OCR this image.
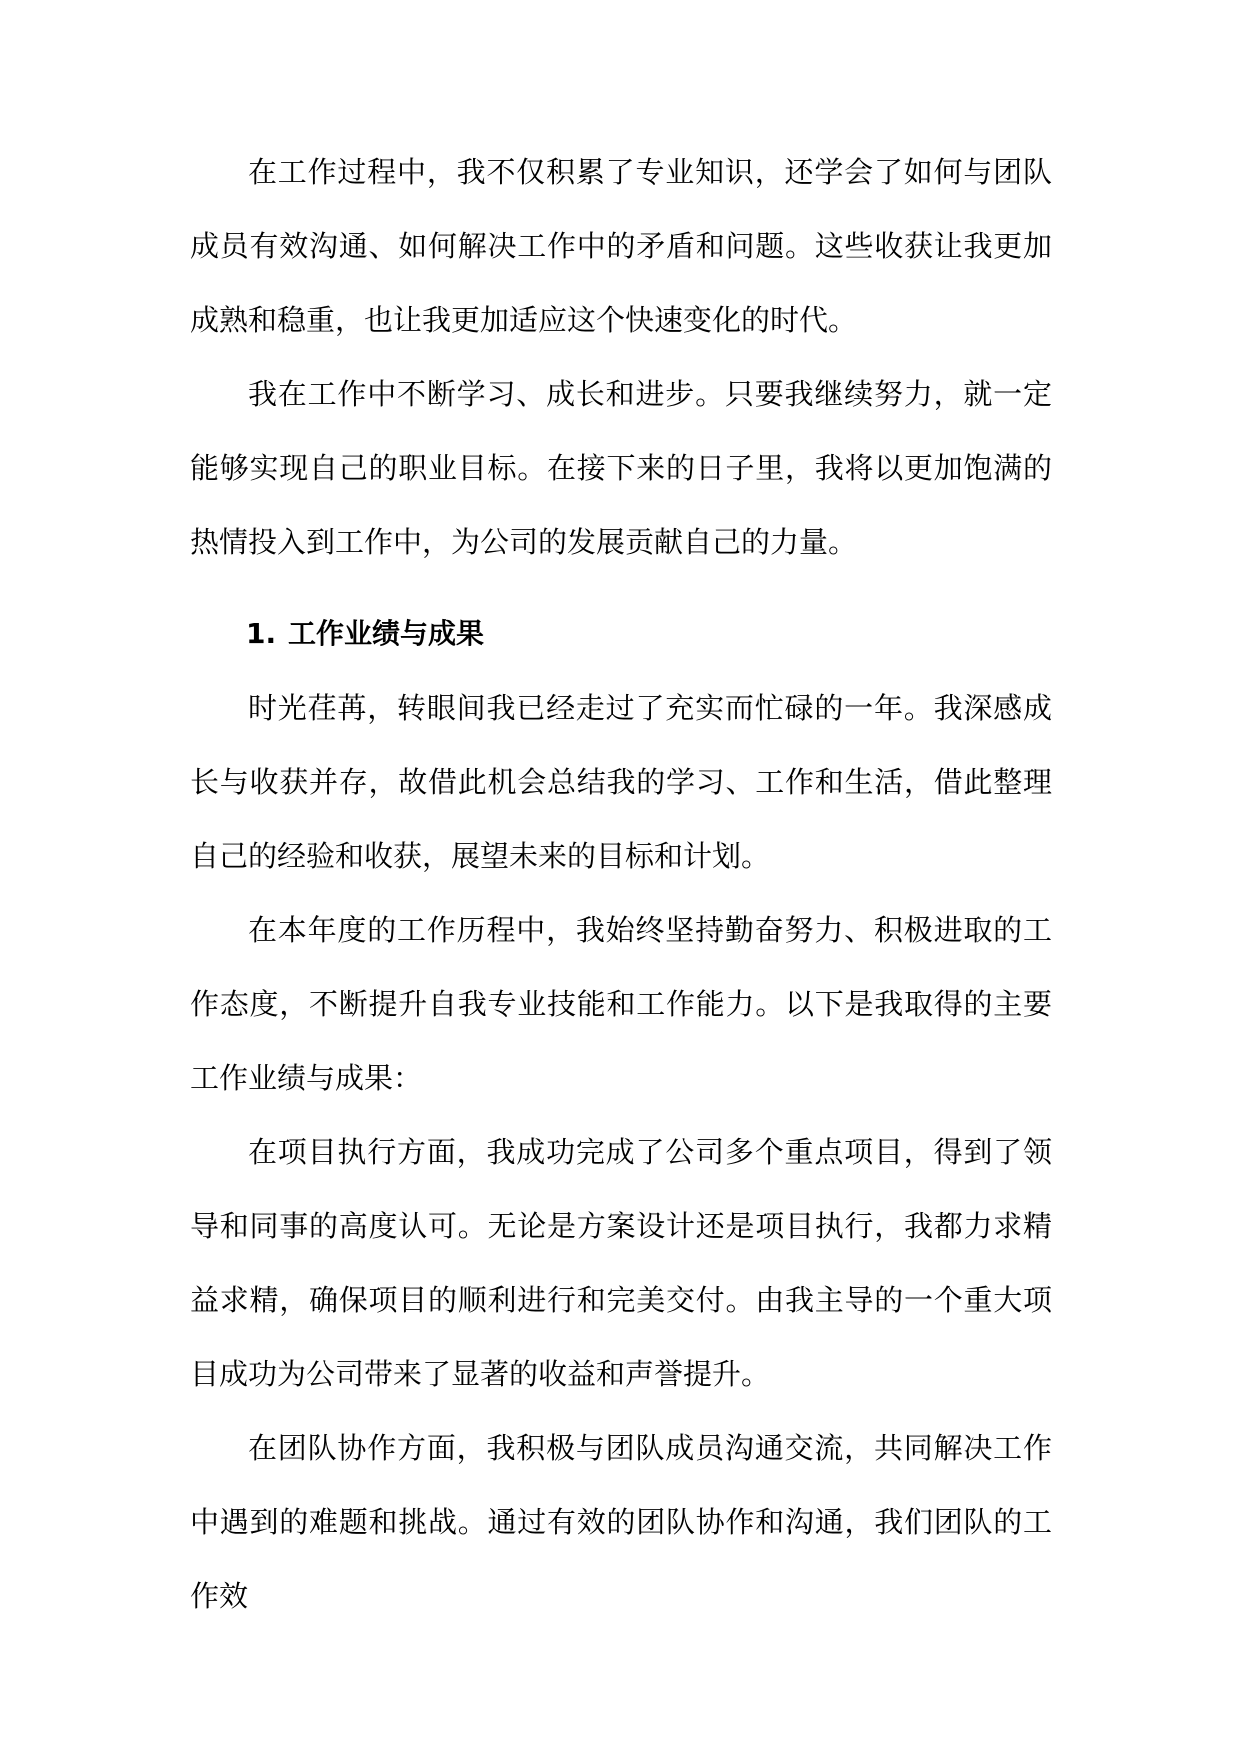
在工作过程中，我不仅积累了专业知识，还学会了如何与团队成员有效沟通、如何解决工作中的矛盾和问题。这些收获让我更加成熟和稳重，也让我更加适应这个快速变化的时代。

我在工作中不断学习、成长和进步。只要我继续努力，就一定能够实现自己的职业目标。在接下来的日子里，我将以更加饱满的热情投入到工作中，为公司的发展贡献自己的力量。

1. 工作业绩与成果

时光荏苒，转眼间我已经走过了充实而忙碌的一年。我深感成长与收获并存，故借此机会总结我的学习、工作和生活，借此整理自己的经验和收获，展望未来的目标和计划。

在本年度的工作历程中，我始终坚持勤奋努力、积极进取的工作态度，不断提升自我专业技能和工作能力。以下是我取得的主要工作业绩与成果：

在项目执行方面，我成功完成了公司多个重点项目，得到了领导和同事的高度认可。无论是方案设计还是项目执行，我都力求精益求精，确保项目的顺利进行和完美交付。由我主导的一个重大项目成功为公司带来了显著的收益和声誉提升。

在团队协作方面，我积极与团队成员沟通交流，共同解决工作中遇到的难题和挑战。通过有效的团队协作和沟通，我们团队的工作效
